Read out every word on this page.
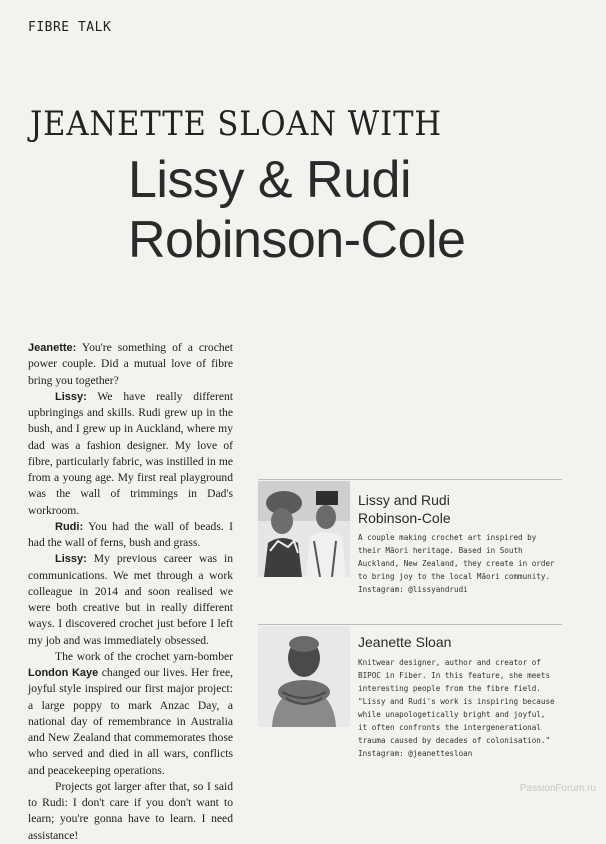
FIBRE TALK
JEANETTE SLOAN WITH
Lissy & Rudi
Robinson-Cole

Jeanette: You're something of a crochet power couple. Did a mutual love of fibre bring you together?

Lissy: We have really different upbringings and skills. Rudi grew up in the bush, and I grew up in Auckland, where my dad was a fashion designer. My love of fibre, particularly fabric, was instilled in me from a young age. My first real playground was the wall of trimmings in Dad's workroom.

Rudi: You had the wall of beads. I had the wall of ferns, bush and grass.

Lissy: My previous career was in communications. We met through a work colleague in 2014 and soon realised we were both creative but in really different ways. I discovered crochet just before I left my job and was immediately obsessed.

The work of the crochet yarn-bomber London Kaye changed our lives. Her free, joyful style inspired our first major project: a large poppy to mark Anzac Day, a national day of remembrance in Australia and New Zealand that commemorates those who served and died in all wars, conflicts and peacekeeping operations.

Projects got larger after that, so I said to Rudi: I don't care if you don't want to learn; you're gonna have to learn. I need assistance!

Lissy and Rudi
Robinson-Cole
A couple making crochet art inspired by
their Māori heritage. Based in South
Auckland, New Zealand, they create in order
to bring joy to the local Māori community.
Instagram: @lissyandrudi
Jeanette Sloan
Knitwear designer, author and creator of
BIPOC in Fiber. In this feature, she meets
interesting people from the fibre field.
"Lissy and Rudi's work is inspiring because
while unapologetically bright and joyful,
it often confronts the intergenerational
trauma caused by decades of colonisation."
Instagram: @jeanettesloan
PassionForum.ru
